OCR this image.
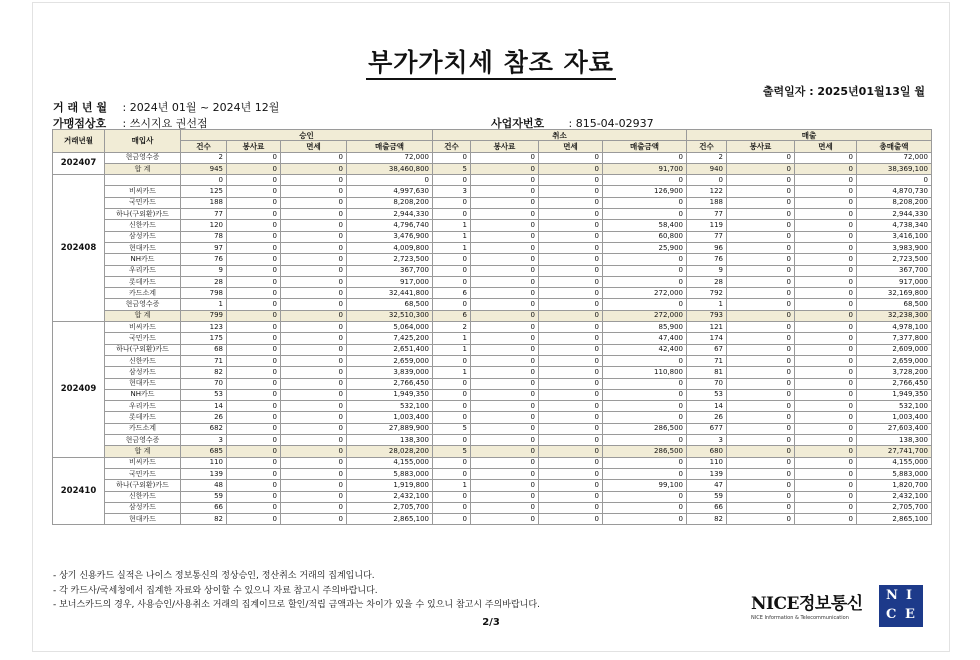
부가가치세 참조 자료
출력일자 : 2025년01월13일 월
거 래 년 월 : 2024년 01월 ~ 2024년 12월
가맹점상호 : 쓰시지요 권선점	사업자번호 : 815-04-02937
거래년월	매입사	승인				취소				매출			
		건수	봉사료	면세	매출금액	건수	봉사료	면세	매출금액	건수	봉사료	면세	총매출액
202407	현금영수증	2	0	0	72,000	0	0	0	0	2	0	0	72,000
	합 계	945	0	0	38,460,800	5	0	0	91,700	940	0	0	38,369,100
202408		0	0	0	0	0	0	0	0	0	0	0	0
	비씨카드	125	0	0	4,997,630	3	0	0	126,900	122	0	0	4,870,730
	국민카드	188	0	0	8,208,200	0	0	0	0	188	0	0	8,208,200
	하나(구외환)카드	77	0	0	2,944,330	0	0	0	0	77	0	0	2,944,330
	신한카드	120	0	0	4,796,740	1	0	0	58,400	119	0	0	4,738,340
	삼성카드	78	0	0	3,476,900	1	0	0	60,800	77	0	0	3,416,100
	현대카드	97	0	0	4,009,800	1	0	0	25,900	96	0	0	3,983,900
	NH카드	76	0	0	2,723,500	0	0	0	0	76	0	0	2,723,500
	우리카드	9	0	0	367,700	0	0	0	0	9	0	0	367,700
	롯데카드	28	0	0	917,000	0	0	0	0	28	0	0	917,000
	카드소계	798	0	0	32,441,800	6	0	0	272,000	792	0	0	32,169,800
	현금영수증	1	0	0	68,500	0	0	0	0	1	0	0	68,500
	합 계	799	0	0	32,510,300	6	0	0	272,000	793	0	0	32,238,300
202409	비씨카드	123	0	0	5,064,000	2	0	0	85,900	121	0	0	4,978,100
	국민카드	175	0	0	7,425,200	1	0	0	47,400	174	0	0	7,377,800
	하나(구외환)카드	68	0	0	2,651,400	1	0	0	42,400	67	0	0	2,609,000
	신한카드	71	0	0	2,659,000	0	0	0	0	71	0	0	2,659,000
	삼성카드	82	0	0	3,839,000	1	0	0	110,800	81	0	0	3,728,200
	현대카드	70	0	0	2,766,450	0	0	0	0	70	0	0	2,766,450
	NH카드	53	0	0	1,949,350	0	0	0	0	53	0	0	1,949,350
	우리카드	14	0	0	532,100	0	0	0	0	14	0	0	532,100
	롯데카드	26	0	0	1,003,400	0	0	0	0	26	0	0	1,003,400
	카드소계	682	0	0	27,889,900	5	0	0	286,500	677	0	0	27,603,400
	현금영수증	3	0	0	138,300	0	0	0	0	3	0	0	138,300
	합 계	685	0	0	28,028,200	5	0	0	286,500	680	0	0	27,741,700
202410	비씨카드	110	0	0	4,155,000	0	0	0	0	110	0	0	4,155,000
	국민카드	139	0	0	5,883,000	0	0	0	0	139	0	0	5,883,000
	하나(구외환)카드	48	0	0	1,919,800	1	0	0	99,100	47	0	0	1,820,700
	신한카드	59	0	0	2,432,100	0	0	0	0	59	0	0	2,432,100
	삼성카드	66	0	0	2,705,700	0	0	0	0	66	0	0	2,705,700
	현대카드	82	0	0	2,865,100	0	0	0	0	82	0	0	2,865,100
- 상기 신용카드 실적은 나이스 정보통신의 정상승인, 정산취소 거래의 집계입니다.
- 각 카드사/국세청에서 집계한 자료와 상이할 수 있으니 자료 참고시 주의바랍니다.
- 보너스카드의 경우, 사용승인/사용취소 거래의 집계이므로 할인/적립 금액과는 차이가 있을 수 있으니 참고시 주의바랍니다.
2/3
NICE정보통신
NICE Information & Telecommunication
N I
C E
